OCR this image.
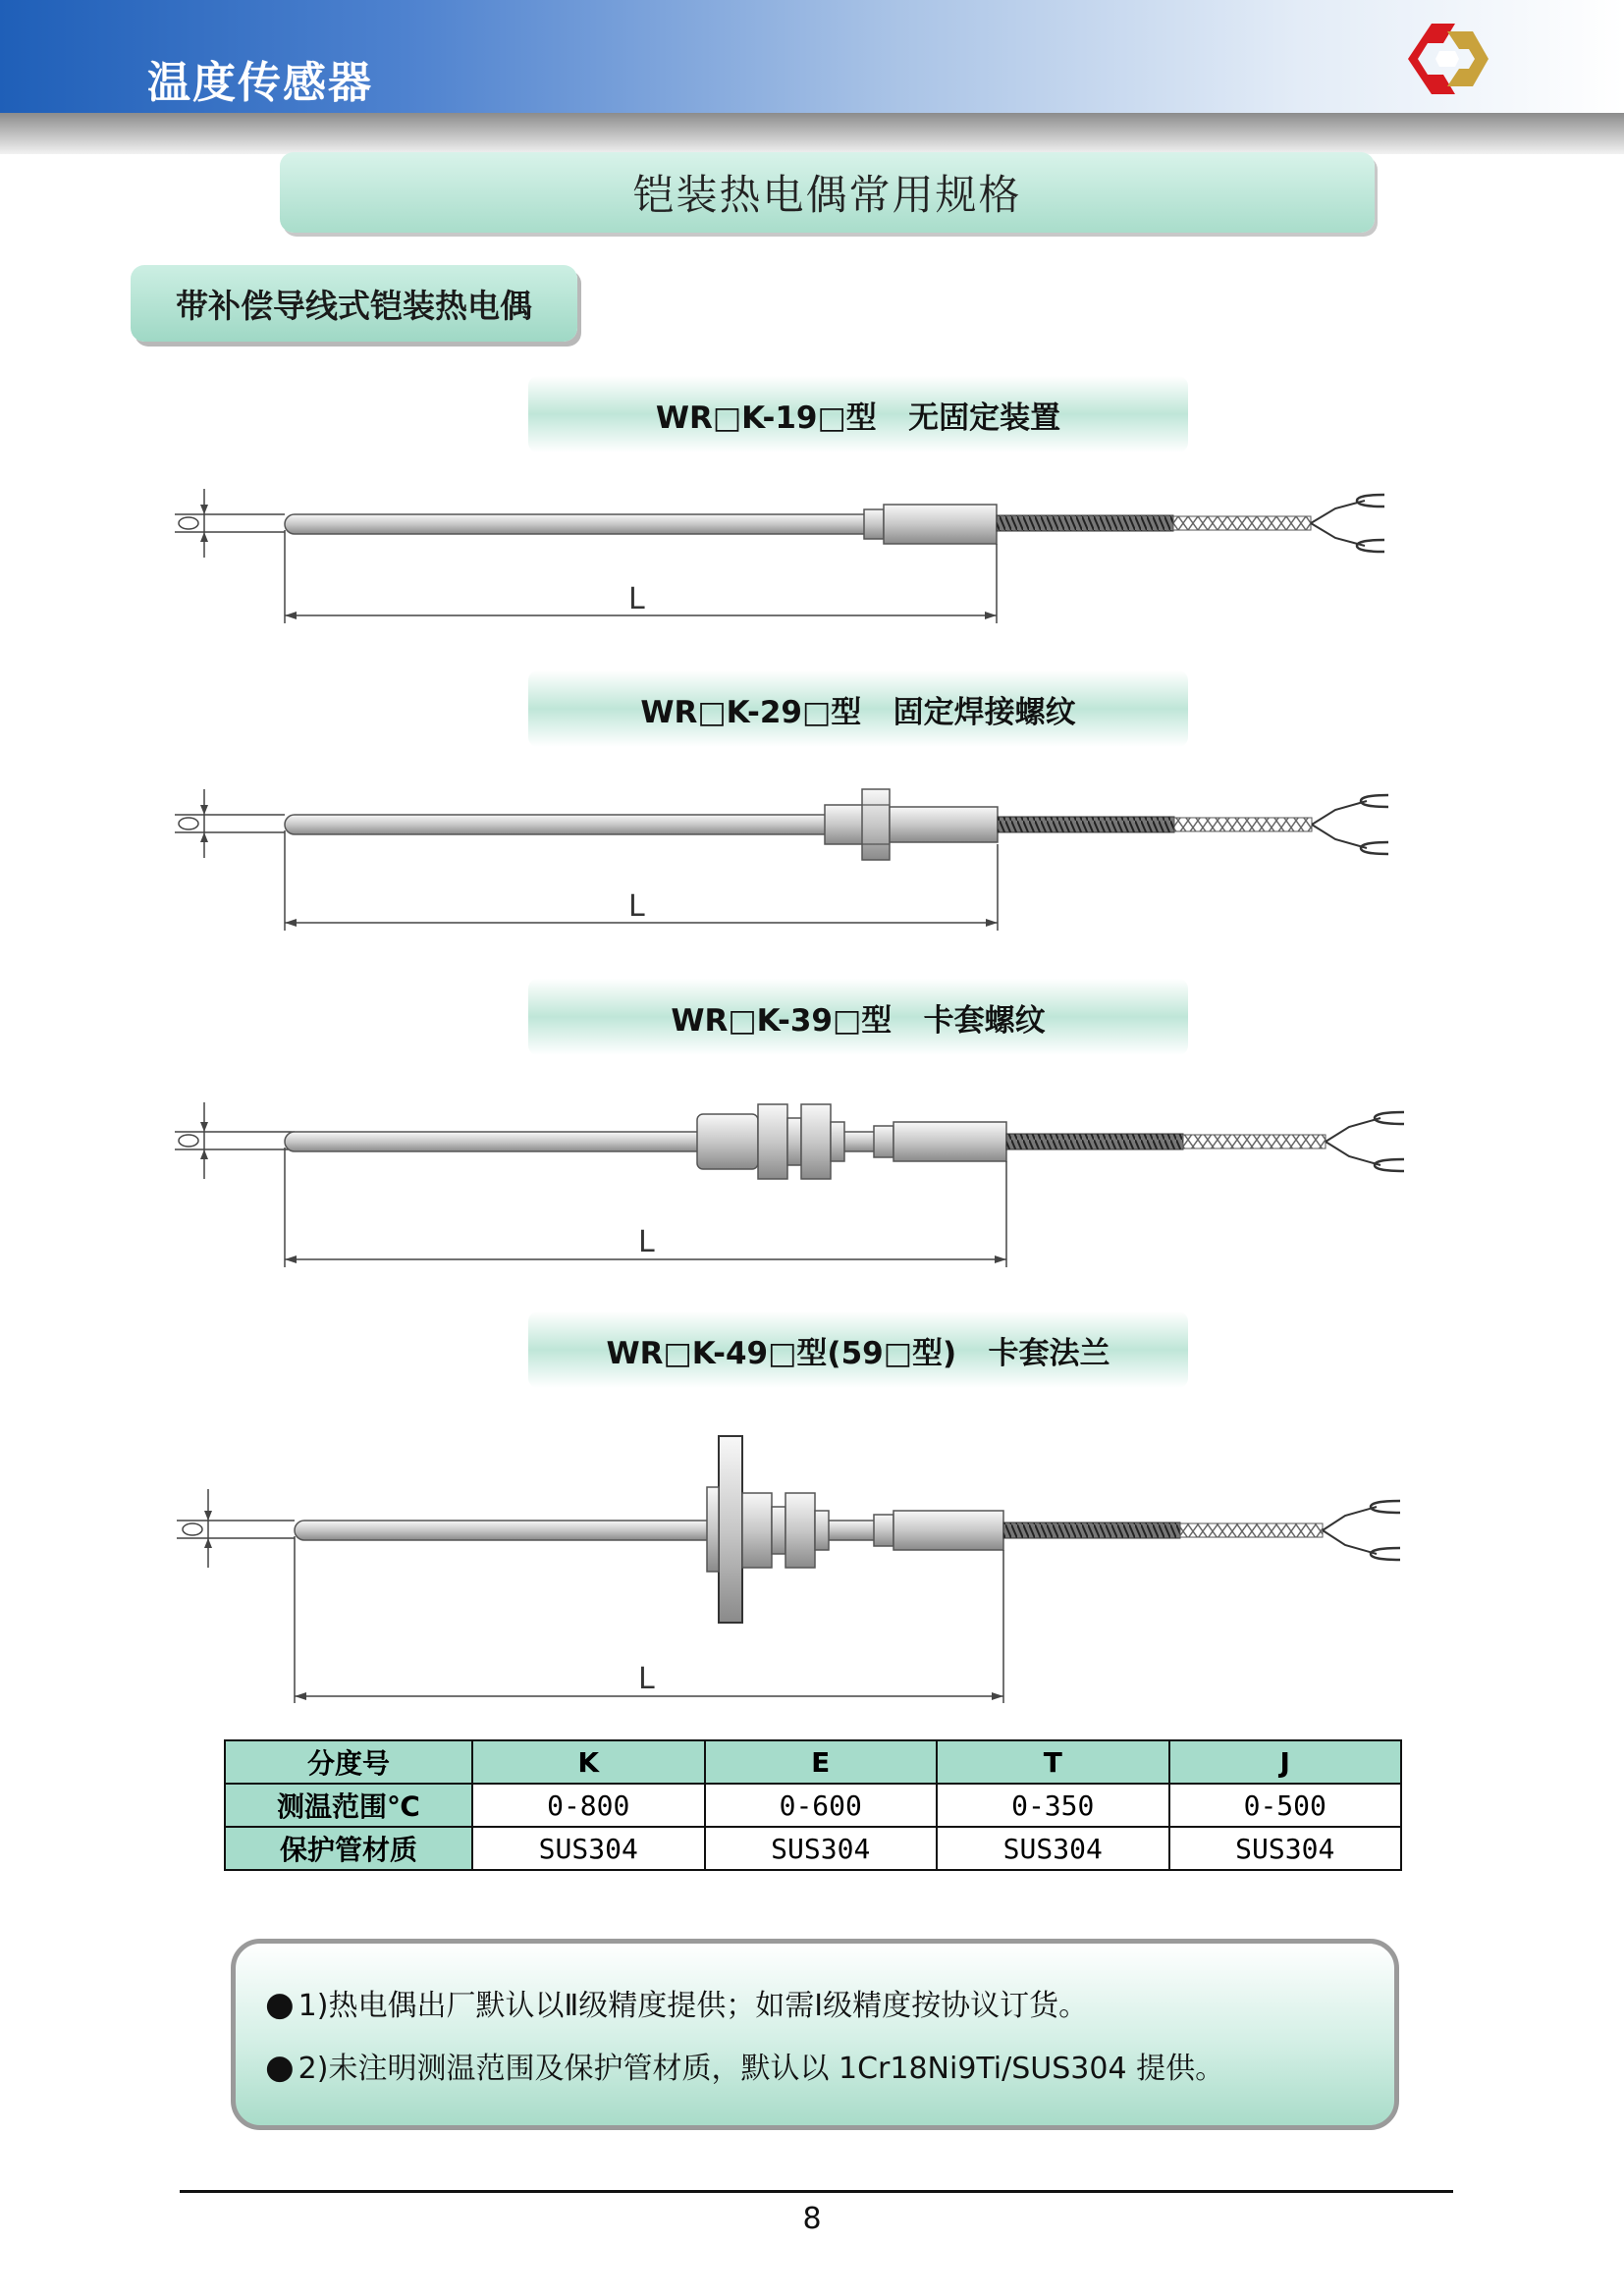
温度传感器
铠装热电偶常用规格
带补偿导线式铠装热电偶
WR□K-19□型   无固定装置
L
WR□K-29□型   固定焊接螺纹
L
WR□K-39□型   卡套螺纹
L
WR□K-49□型(59□型)   卡套法兰
L
分度号	K	E	T	J
测温范围℃	0-800	0-600	0-350	0-500
保护管材质	SUS304	SUS304	SUS304	SUS304
● 1)热电偶出厂默认以Ⅱ级精度提供；如需Ⅰ级精度按协议订货。
● 2)未注明测温范围及保护管材质，默认以 1Cr18Ni9Ti/SUS304 提供。
8
